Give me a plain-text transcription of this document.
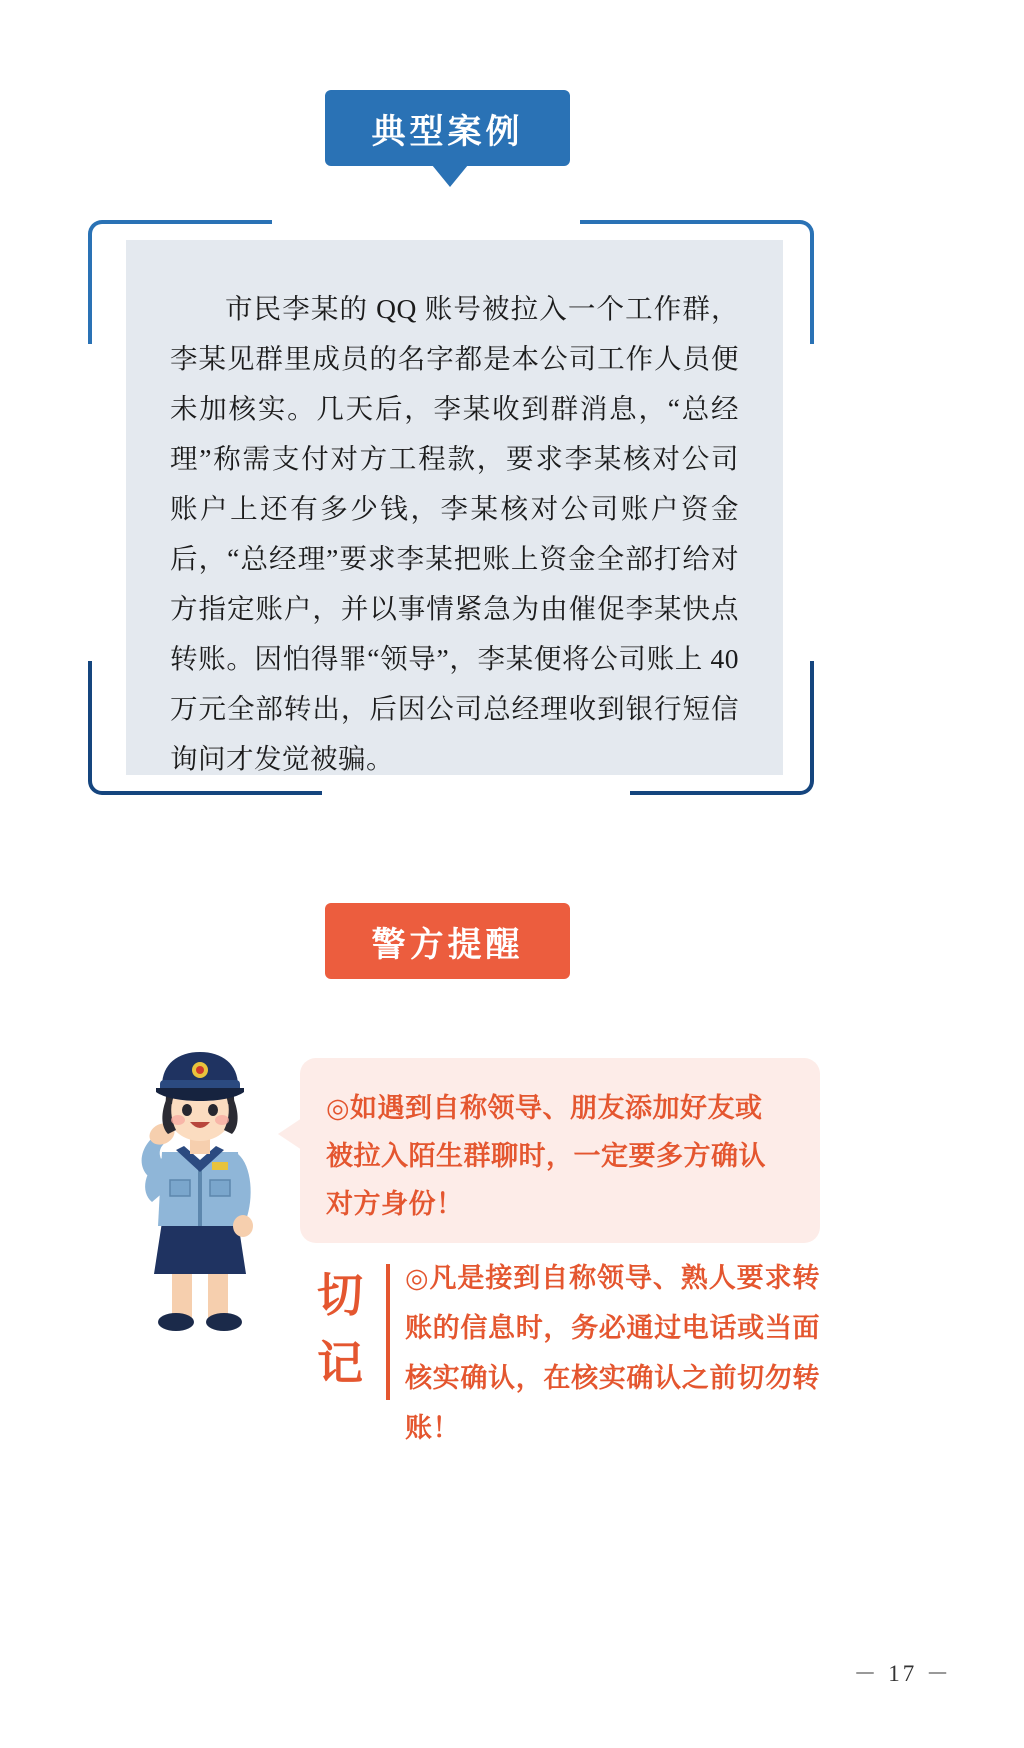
典型案例

市民李某的 QQ 账号被拉入一个工作群，李某见群里成员的名字都是本公司工作人员便未加核实。几天后，李某收到群消息，“总经理”称需支付对方工程款，要求李某核对公司账户上还有多少钱，李某核对公司账户资金后，“总经理”要求李某把账上资金全部打给对方指定账户，并以事情紧急为由催促李某快点转账。因怕得罪“领导”，李某便将公司账上 40 万元全部转出，后因公司总经理收到银行短信询问才发觉被骗。

警方提醒

◎如遇到自称领导、朋友添加好友或被拉入陌生群聊时，一定要多方确认对方身份！

切
记

◎凡是接到自称领导、熟人要求转账的信息时，务必通过电话或当面核实确认，在核实确认之前切勿转账！

－ 17 －
